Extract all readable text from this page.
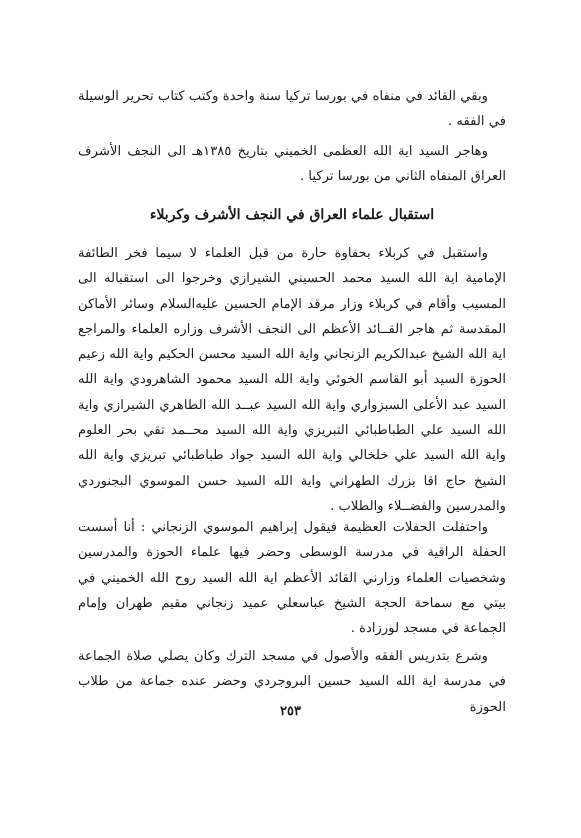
وبقي القائد في منفاه في بورسا تركيا سنة واحدة وكتب كتاب تحرير الوسيلة في الفقه .

وهاجر السيد اية الله العظمى الخميني بتاريخ ١٣٨٥هـ الى النجف الأشرف العراق المنفاه الثاني من بورسا تركيا .

استقبال علماء العراق في النجف الأشرف وكربلاء

واستقبل في كربلاء بحفاوة حارة من قبل العلماء لا سيما فخر الطائفة الإمامية اية الله السيد محمد الحسيني الشيرازي وخرجوا الى استقباله الى المسيب وأقام في كربلاء وزار مرقد الإمام الحسين عليه‌السلام وسائر الأماكن المقدسة ثم هاجر القــائد الأعظم الى النجف الأشرف وزاره العلماء والمراجع اية الله الشيخ عبدالكريم الزنجاني واية الله السيد محسن الحكيم واية الله زعيم الحوزة السيد أبو القاسم الخوئي واية الله السيد محمود الشاهرودي واية الله السيد عبد الأعلى السبزواري واية الله السيد عبــد الله الطاهري الشيرازي واية الله السيد علي الطباطبائي التبريزي واية الله السيد محــمد تقي بحر العلوم واية الله السيد علي خلخالي واية الله السيد جواد طباطبائي تبريزي واية الله الشيخ حاج اقا بزرك الطهراني واية الله السيد حسن الموسوي البجنوردي والمدرسين والفضــلاء والطلاب .

واحتفلت الحفلات العظيمة فيقول إبراهيم الموسوي الزنجاني : أنا أسست الحفلة الراقية في مدرسة الوسطى وحضر فيها علماء الحوزة والمدرسين وشخصيات العلماء وزارني القائد الأعظم اية الله السيد روح الله الخميني في بيتي مع سماحة الحجة الشيخ عباسعلي عميد زنجاني مقيم طهران وإمام الجماعة في مسجد لورزادة .

وشرع بتدريس الفقه والأصول في مسجد الترك وكان يصلي صلاة الجماعة في مدرسة اية الله السيد حسين البروجردي وحضر عنده جماعة من طلاب الحوزة

٢٥٣
